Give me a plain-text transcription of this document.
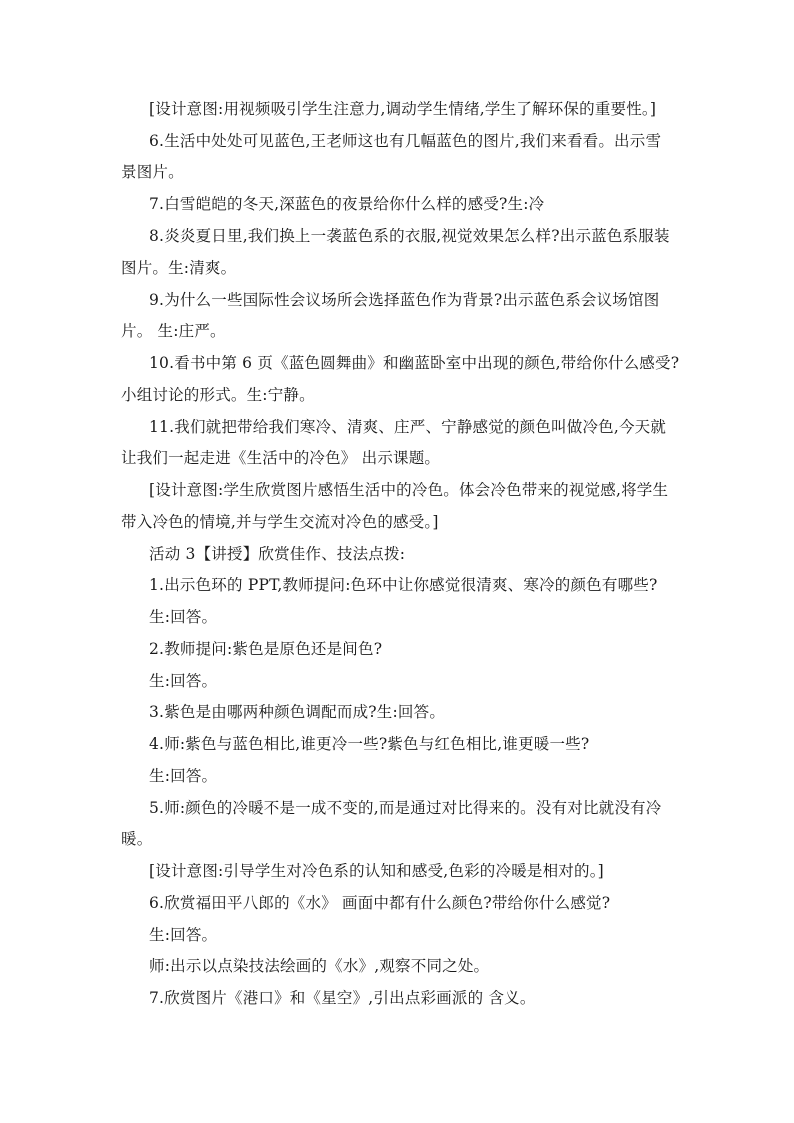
[设计意图:用视频吸引学生注意力,调动学生情绪,学生了解环保的重要性。]
6.生活中处处可见蓝色,王老师这也有几幅蓝色的图片,我们来看看。出示雪
景图片。
7.白雪皑皑的冬天,深蓝色的夜景给你什么样的感受?生:冷
8.炎炎夏日里,我们换上一袭蓝色系的衣服,视觉效果怎么样?出示蓝色系服装
图片。生:清爽。
9.为什么一些国际性会议场所会选择蓝色作为背景?出示蓝色系会议场馆图
片。 生:庄严。
10.看书中第 6 页《蓝色圆舞曲》和幽蓝卧室中出现的颜色,带给你什么感受?
小组讨论的形式。生:宁静。
11.我们就把带给我们寒冷、清爽、庄严、宁静感觉的颜色叫做冷色,今天就
让我们一起走进《生活中的冷色》 出示课题。
[设计意图:学生欣赏图片感悟生活中的冷色。体会冷色带来的视觉感,将学生
带入冷色的情境,并与学生交流对冷色的感受。]
活动 3【讲授】欣赏佳作、技法点拨:
1.出示色环的 PPT,教师提问:色环中让你感觉很清爽、寒冷的颜色有哪些?
生:回答。
2.教师提问:紫色是原色还是间色?
生:回答。
3.紫色是由哪两种颜色调配而成?生:回答。
4.师:紫色与蓝色相比,谁更冷一些?紫色与红色相比,谁更暖一些?
生:回答。
5.师:颜色的冷暖不是一成不变的,而是通过对比得来的。没有对比就没有冷
暖。
[设计意图:引导学生对冷色系的认知和感受,色彩的冷暖是相对的。]
6.欣赏福田平八郎的《水》 画面中都有什么颜色?带给你什么感觉?
生:回答。
师:出示以点染技法绘画的《水》,观察不同之处。
7.欣赏图片《港口》和《星空》,引出点彩画派的 含义。
